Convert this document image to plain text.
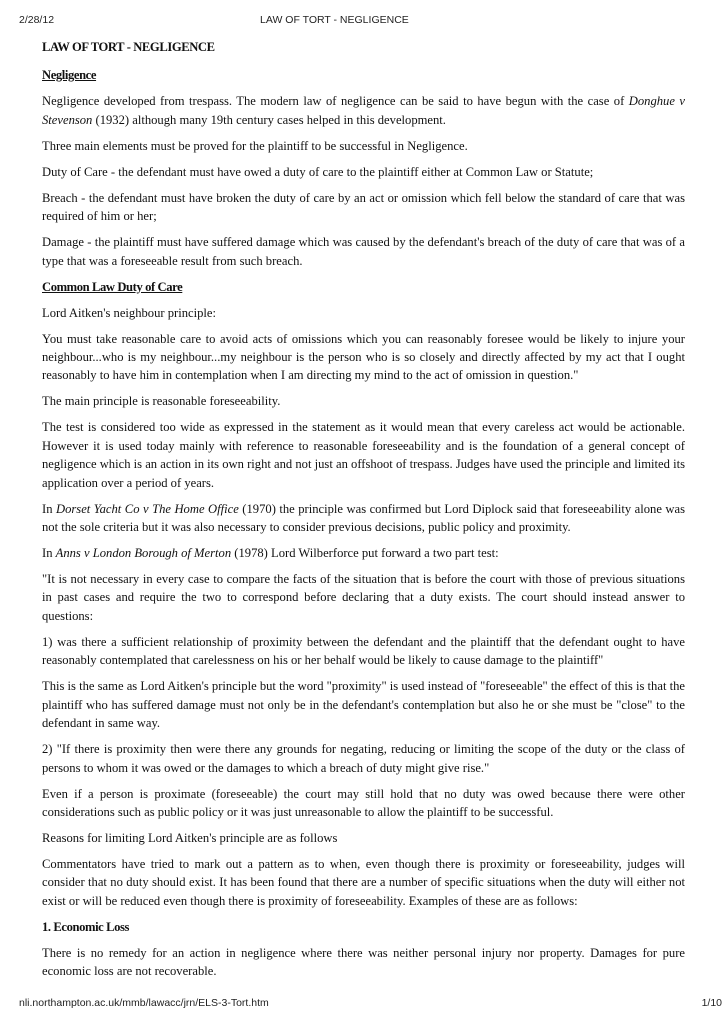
2/28/12	LAW OF TORT - NEGLIGENCE

LAW OF TORT - NEGLIGENCE

Negligence

Negligence developed from trespass. The modern law of negligence can be said to have begun with the case of Donghue v Stevenson (1932) although many 19th century cases helped in this development.

Three main elements must be proved for the plaintiff to be successful in Negligence.

Duty of Care - the defendant must have owed a duty of care to the plaintiff either at Common Law or Statute;

Breach - the defendant must have broken the duty of care by an act or omission which fell below the standard of care that was required of him or her;

Damage - the plaintiff must have suffered damage which was caused by the defendant's breach of the duty of care that was of a type that was a foreseeable result from such breach.

Common Law Duty of Care

Lord Aitken's neighbour principle:

You must take reasonable care to avoid acts of omissions which you can reasonably foresee would be likely to injure your neighbour...who is my neighbour...my neighbour is the person who is so closely and directly affected by my act that I ought reasonably to have him in contemplation when I am directing my mind to the act of omission in question."

The main principle is reasonable foreseeability.

The test is considered too wide as expressed in the statement as it would mean that every careless act would be actionable. However it is used today mainly with reference to reasonable foreseeability and is the foundation of a general concept of negligence which is an action in its own right and not just an offshoot of trespass. Judges have used the principle and limited its application over a period of years.

In Dorset Yacht Co v The Home Office (1970) the principle was confirmed but Lord Diplock said that foreseeability alone was not the sole criteria but it was also necessary to consider previous decisions, public policy and proximity.

In Anns v London Borough of Merton (1978) Lord Wilberforce put forward a two part test:

"It is not necessary in every case to compare the facts of the situation that is before the court with those of previous situations in past cases and require the two to correspond before declaring that a duty exists. The court should instead answer to questions:

1) was there a sufficient relationship of proximity between the defendant and the plaintiff that the defendant ought to have reasonably contemplated that carelessness on his or her behalf would be likely to cause damage to the plaintiff"

This is the same as Lord Aitken's principle but the word "proximity" is used instead of "foreseeable" the effect of this is that the plaintiff who has suffered damage must not only be in the defendant's contemplation but also he or she must be "close" to the defendant in same way.

2) "If there is proximity then were there any grounds for negating, reducing or limiting the scope of the duty or the class of persons to whom it was owed or the damages to which a breach of duty might give rise."

Even if a person is proximate (foreseeable) the court may still hold that no duty was owed because there were other considerations such as public policy or it was just unreasonable to allow the plaintiff to be successful.

Reasons for limiting Lord Aitken's principle are as follows

Commentators have tried to mark out a pattern as to when, even though there is proximity or foreseeability, judges will consider that no duty should exist. It has been found that there are a number of specific situations when the duty will either not exist or will be reduced even though there is proximity of foreseeability. Examples of these are as follows:

1. Economic Loss

There is no remedy for an action in negligence where there was neither personal injury nor property. Damages for pure economic loss are not recoverable.

nli.northampton.ac.uk/mmb/lawacc/jrn/ELS-3-Tort.htm	1/10
